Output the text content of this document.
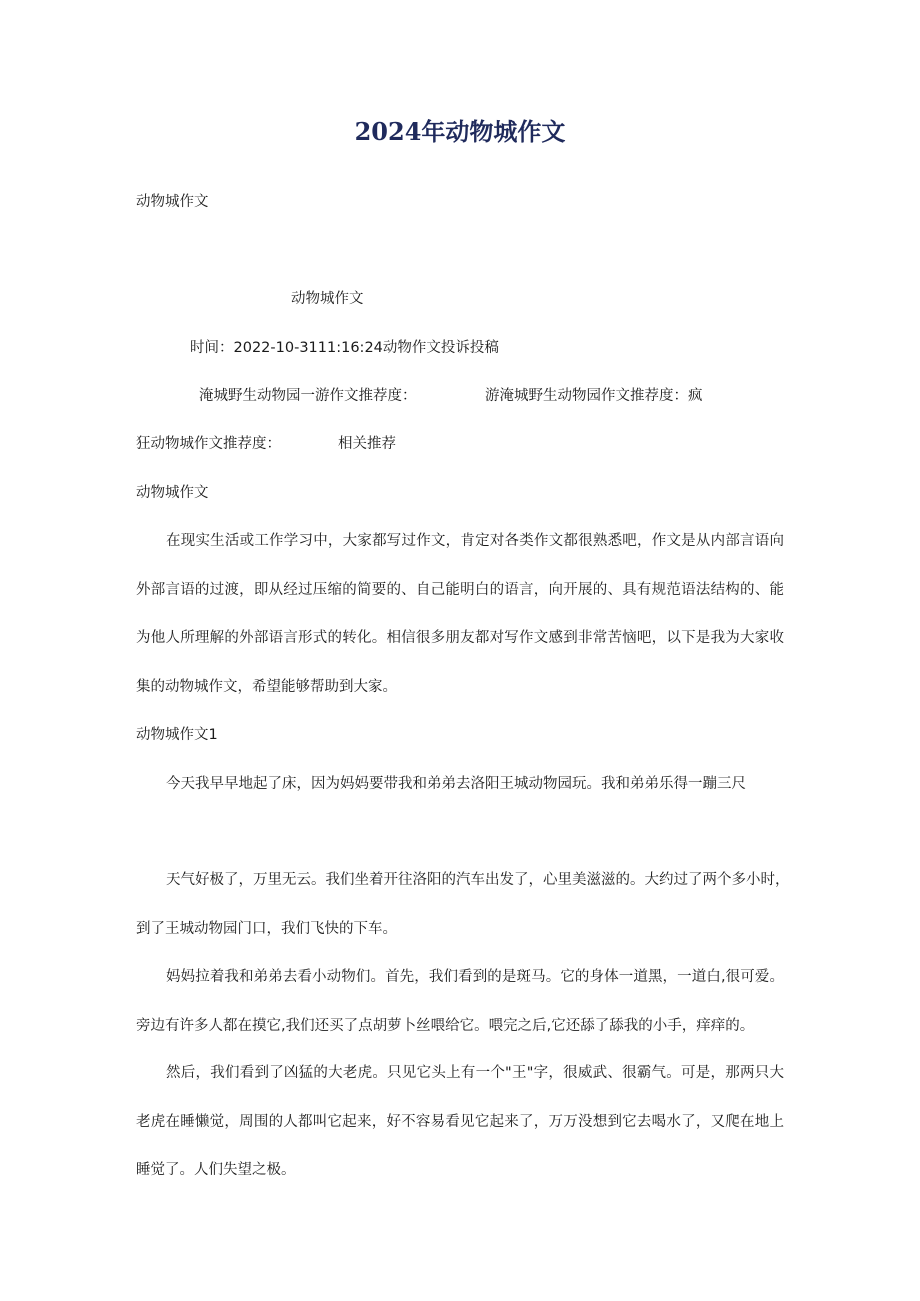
2024年动物城作文
动物城作文
动物城作文
时间：2022-10-3111:16:24动物作文投诉投稿
淹城野生动物园一游作文推荐度：	游淹城野生动物园作文推荐度：疯
狂动物城作文推荐度：	相关推荐
动物城作文
在现实生活或工作学习中，大家都写过作文，肯定对各类作文都很熟悉吧，作文是从内部言语向
外部言语的过渡，即从经过压缩的简要的、自己能明白的语言，向开展的、具有规范语法结构的、能
为他人所理解的外部语言形式的转化。相信很多朋友都对写作文感到非常苦恼吧，以下是我为大家收
集的动物城作文，希望能够帮助到大家。
动物城作文1
今天我早早地起了床，因为妈妈要带我和弟弟去洛阳王城动物园玩。我和弟弟乐得一蹦三尺
天气好极了，万里无云。我们坐着开往洛阳的汽车出发了，心里美滋滋的。大约过了两个多小时，
到了王城动物园门口，我们飞快的下车。
妈妈拉着我和弟弟去看小动物们。首先，我们看到的是斑马。它的身体一道黑，一道白,很可爱。
旁边有许多人都在摸它,我们还买了点胡萝卜丝喂给它。喂完之后,它还舔了舔我的小手，痒痒的。
然后，我们看到了凶猛的大老虎。只见它头上有一个"王"字，很威武、很霸气。可是，那两只大
老虎在睡懒觉，周围的人都叫它起来，好不容易看见它起来了，万万没想到它去喝水了，又爬在地上
睡觉了。人们失望之极。
